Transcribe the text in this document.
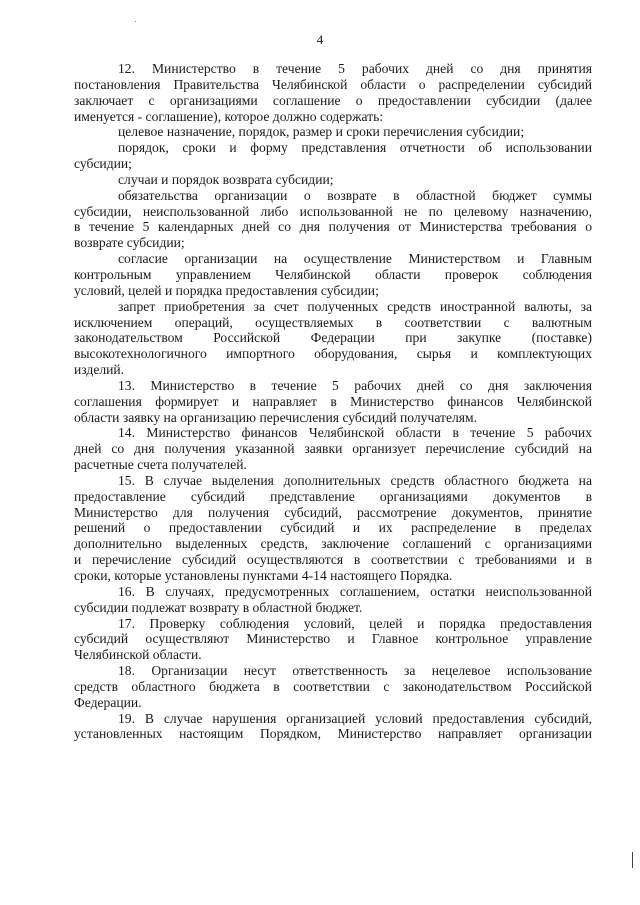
4
12. Министерство в течение 5 рабочих дней со дня принятия
постановления Правительства Челябинской области о распределении субсидий
заключает с организациями соглашение о предоставлении субсидии (далее
именуется - соглашение), которое должно содержать:
целевое назначение, порядок, размер и сроки перечисления субсидии;
порядок, сроки и форму представления отчетности об использовании
субсидии;
случаи и порядок возврата субсидии;
обязательства организации о возврате в областной бюджет суммы
субсидии, неиспользованной либо использованной не по целевому назначению,
в течение 5 календарных дней со дня получения от Министерства требования о
возврате субсидии;
согласие организации на осуществление Министерством и Главным
контрольным управлением Челябинской области проверок соблюдения
условий, целей и порядка предоставления субсидии;
запрет приобретения за счет полученных средств иностранной валюты, за
исключением операций, осуществляемых в соответствии с валютным
законодательством Российской Федерации при закупке (поставке)
высокотехнологичного импортного оборудования, сырья и комплектующих
изделий.
13. Министерство в течение 5 рабочих дней со дня заключения
соглашения формирует и направляет в Министерство финансов Челябинской
области заявку на организацию перечисления субсидий получателям.
14. Министерство финансов Челябинской области в течение 5 рабочих
дней со дня получения указанной заявки организует перечисление субсидий на
расчетные счета получателей.
15. В случае выделения дополнительных средств областного бюджета на
предоставление субсидий представление организациями документов в
Министерство для получения субсидий, рассмотрение документов, принятие
решений о предоставлении субсидий и их распределение в пределах
дополнительно выделенных средств, заключение соглашений с организациями
и перечисление субсидий осуществляются в соответствии с требованиями и в
сроки, которые установлены пунктами 4-14 настоящего Порядка.
16. В случаях, предусмотренных соглашением, остатки неиспользованной
субсидии подлежат возврату в областной бюджет.
17. Проверку соблюдения условий, целей и порядка предоставления
субсидий осуществляют Министерство и Главное контрольное управление
Челябинской области.
18. Организации несут ответственность за нецелевое использование
средств областного бюджета в соответствии с законодательством Российской
Федерации.
19. В случае нарушения организацией условий предоставления субсидий,
установленных настоящим Порядком, Министерство направляет организации
